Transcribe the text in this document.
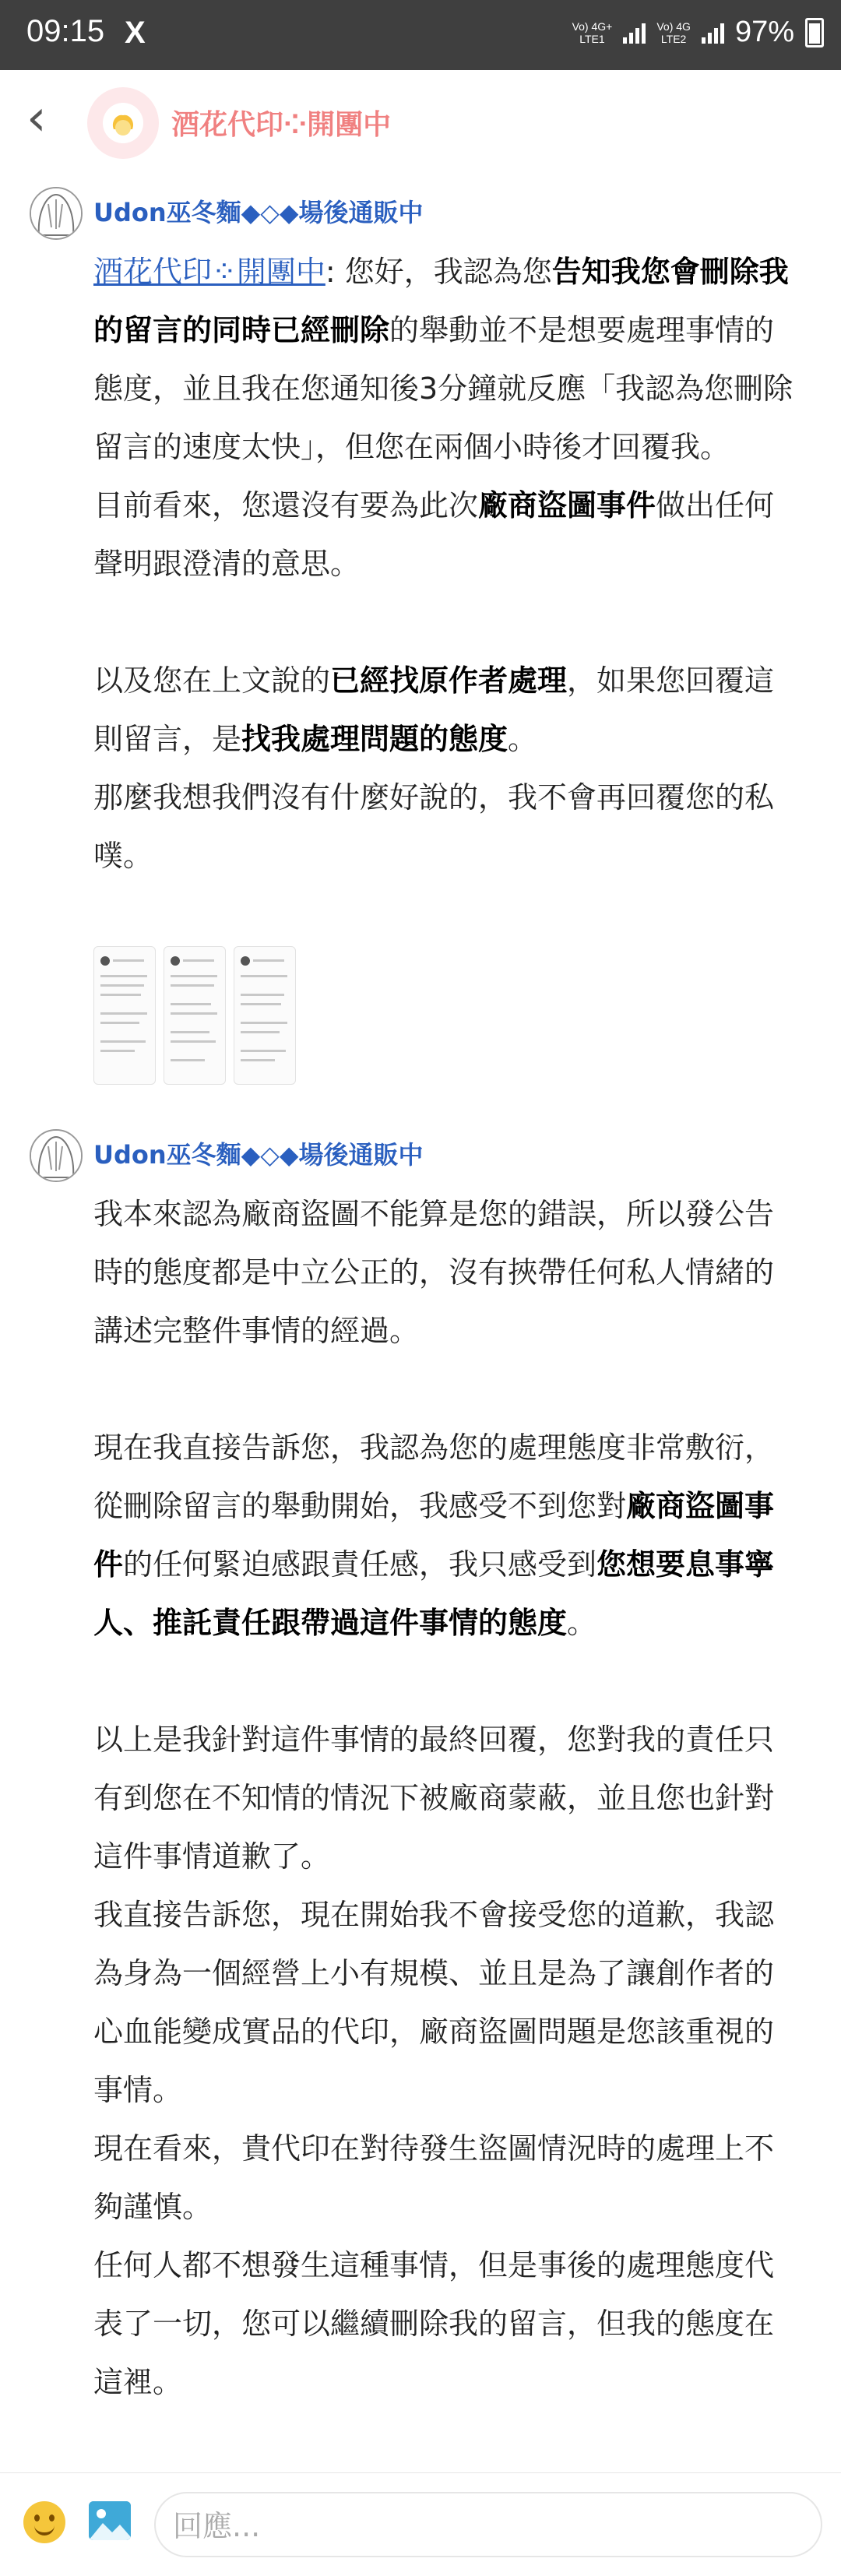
09:15 X	Vo) 4G+
LTE1
Vo) 4G
LTE2 97%
‹	酒花代印⁘開團中
Udon巫冬麵◆◇◆場後通販中

酒花代印⁘開團中: 您好，我認為您告知我您會刪除我的留言的同時已經刪除的舉動並不是想要處理事情的態度，並且我在您通知後3分鐘就反應「我認為您刪除留言的速度太快」，但您在兩個小時後才回覆我。

目前看來，您還沒有要為此次廠商盜圖事件做出任何聲明跟澄清的意思。

以及您在上文說的已經找原作者處理，如果您回覆這則留言，是找我處理問題的態度。

那麼我想我們沒有什麼好說的，我不會再回覆您的私噗。

Udon巫冬麵◆◇◆場後通販中

我本來認為廠商盜圖不能算是您的錯誤，所以發公告時的態度都是中立公正的，沒有挾帶任何私人情緒的講述完整件事情的經過。

現在我直接告訴您，我認為您的處理態度非常敷衍，從刪除留言的舉動開始，我感受不到您對廠商盜圖事件的任何緊迫感跟責任感，我只感受到您想要息事寧人、推託責任跟帶過這件事情的態度。

以上是我針對這件事情的最終回覆，您對我的責任只有到您在不知情的情況下被廠商蒙蔽，並且您也針對這件事情道歉了。

我直接告訴您，現在開始我不會接受您的道歉，我認為身為一個經營上小有規模、並且是為了讓創作者的心血能變成實品的代印，廠商盜圖問題是您該重視的事情。

現在看來，貴代印在對待發生盜圖情況時的處理上不夠謹慎。

任何人都不想發生這種事情，但是事後的處理態度代表了一切，您可以繼續刪除我的留言，但我的態度在這裡。

回應...
